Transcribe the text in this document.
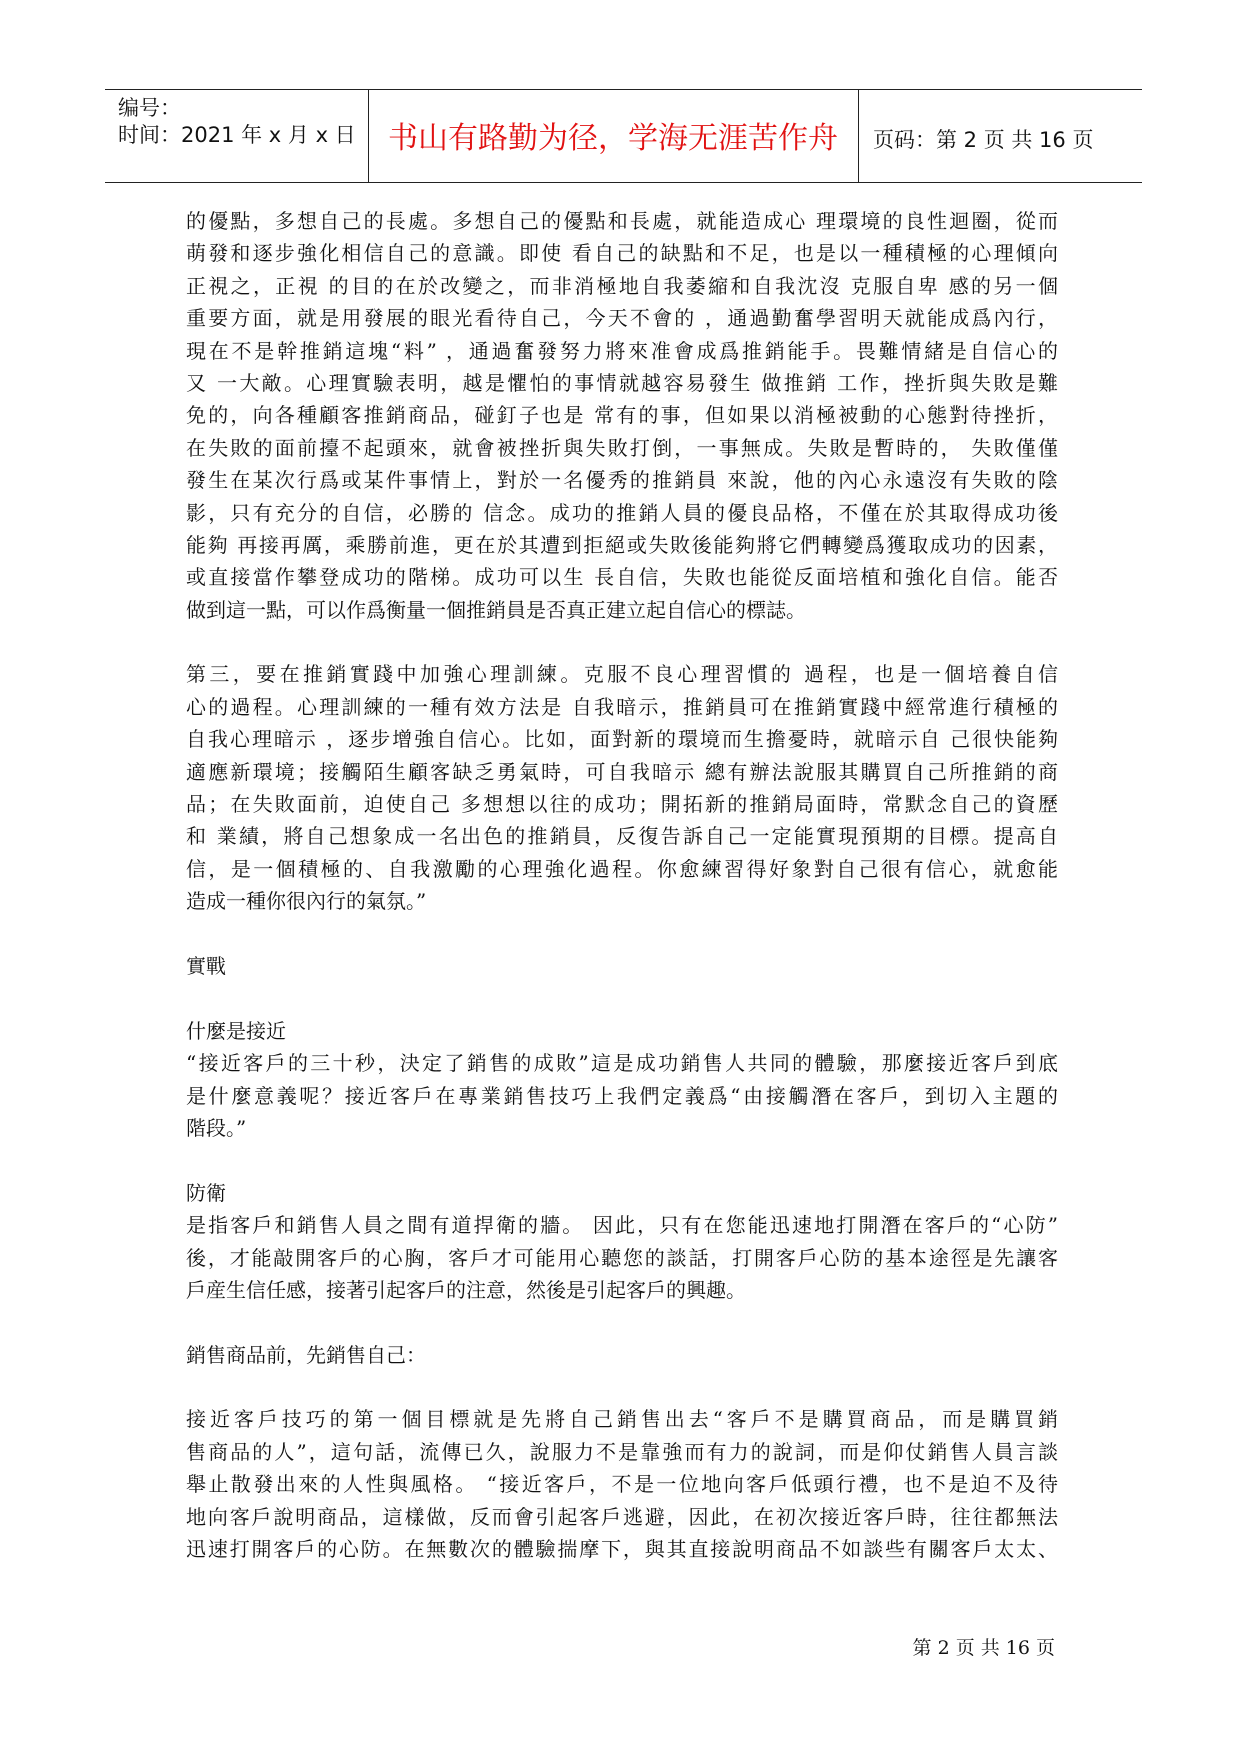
编号：
时间：2021 年 x 月 x 日	书山有路勤为径，学海无涯苦作舟	页码：第 2 页 共 16 页
的優點，多想自己的長處。多想自己的優點和長處，就能造成心 理環境的良性迴圈，從而
萌發和逐步強化相信自己的意識。即使 看自己的缺點和不足，也是以一種積極的心理傾向
正視之，正視 的目的在於改變之，而非消極地自我萎縮和自我沈沒 克服自卑 感的另一個
重要方面，就是用發展的眼光看待自己，今天不會的 ，通過勤奮學習明天就能成爲內行，
現在不是幹推銷這塊“料” ，通過奮發努力將來准會成爲推銷能手。畏難情緒是自信心的
又 一大敵。心理實驗表明，越是懼怕的事情就越容易發生 做推銷 工作，挫折與失敗是難
免的，向各種顧客推銷商品，碰釘子也是 常有的事，但如果以消極被動的心態對待挫折，
在失敗的面前擡不起頭來，就會被挫折與失敗打倒，一事無成。失敗是暫時的， 失敗僅僅
發生在某次行爲或某件事情上，對於一名優秀的推銷員 來說，他的內心永遠沒有失敗的陰
影，只有充分的自信，必勝的 信念。成功的推銷人員的優良品格，不僅在於其取得成功後
能夠 再接再厲，乘勝前進，更在於其遭到拒絕或失敗後能夠將它們轉變爲獲取成功的因素，
或直接當作攀登成功的階梯。成功可以生 長自信，失敗也能從反面培植和強化自信。能否
做到這一點，可以作爲衡量一個推銷員是否真正建立起自信心的標誌。
第三，要在推銷實踐中加強心理訓練。克服不良心理習慣的 過程，也是一個培養自信
心的過程。心理訓練的一種有效方法是 自我暗示，推銷員可在推銷實踐中經常進行積極的
自我心理暗示 ，逐步增強自信心。比如，面對新的環境而生擔憂時，就暗示自 己很快能夠
適應新環境；接觸陌生顧客缺乏勇氣時，可自我暗示 總有辦法說服其購買自己所推銷的商
品；在失敗面前，迫使自己 多想想以往的成功；開拓新的推銷局面時，常默念自己的資歷
和 業績，將自己想象成一名出色的推銷員，反復告訴自己一定能實現預期的目標。提高自
信，是一個積極的、自我激勵的心理強化過程。你愈練習得好象對自己很有信心，就愈能
造成一種你很內行的氣氛。”
實戰
什麼是接近
“接近客戶的三十秒，決定了銷售的成敗”這是成功銷售人共同的體驗，那麼接近客戶到底
是什麼意義呢？接近客戶在專業銷售技巧上我們定義爲“由接觸潛在客戶，到切入主題的
階段。”
防衛
是指客戶和銷售人員之間有道捍衛的牆。 因此，只有在您能迅速地打開潛在客戶的“心防”
後，才能敲開客戶的心胸，客戶才可能用心聽您的談話，打開客戶心防的基本途徑是先讓客
戶産生信任感，接著引起客戶的注意，然後是引起客戶的興趣。
銷售商品前，先銷售自己：
接近客戶技巧的第一個目標就是先將自己銷售出去“客戶不是購買商品，而是購買銷
售商品的人”，這句話，流傳已久，說服力不是靠強而有力的說詞，而是仰仗銷售人員言談
舉止散發出來的人性與風格。 “接近客戶，不是一位地向客戶低頭行禮，也不是迫不及待
地向客戶說明商品，這樣做，反而會引起客戶逃避，因此，在初次接近客戶時，往往都無法
迅速打開客戶的心防。在無數次的體驗揣摩下，與其直接說明商品不如談些有關客戶太太、
第 2 页 共 16 页
